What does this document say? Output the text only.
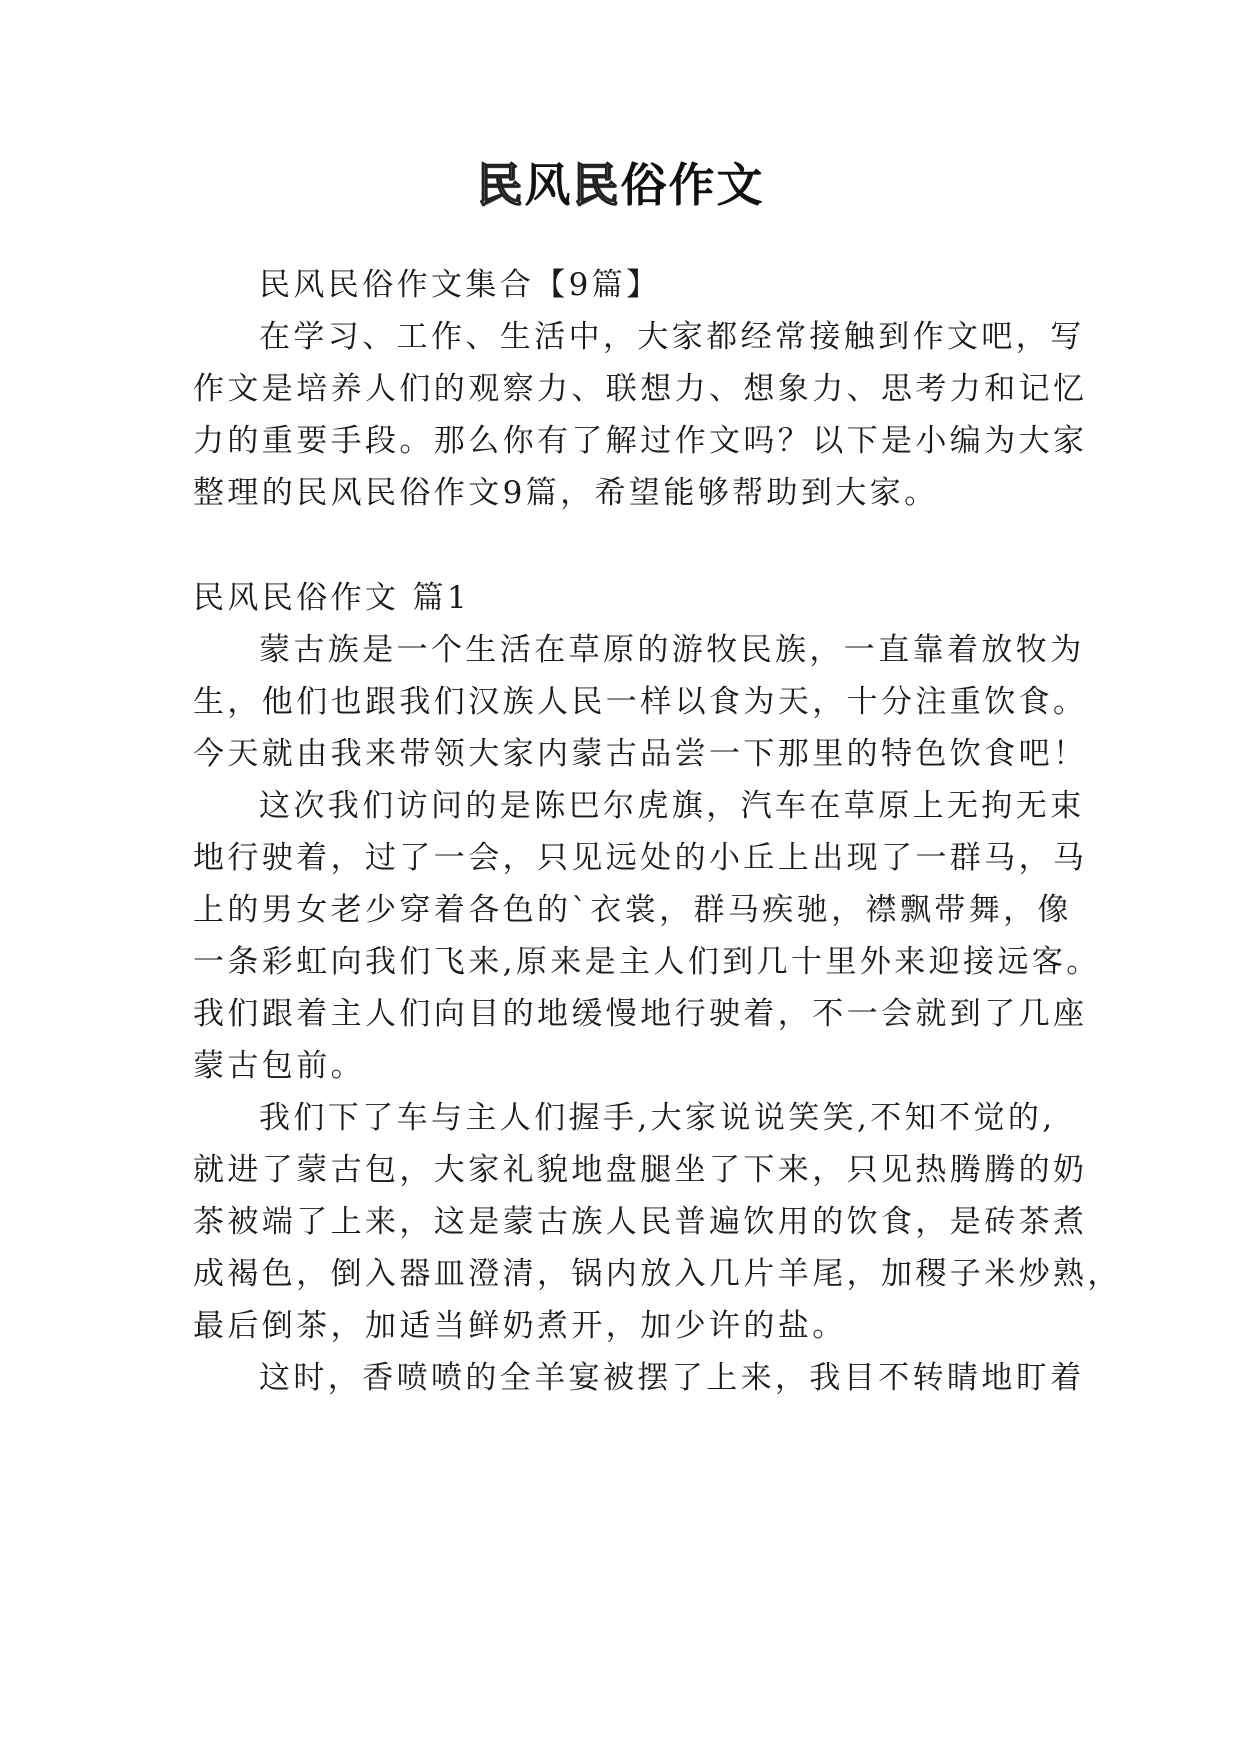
民风民俗作文
民风民俗作文集合【9篇】
在学习、工作、生活中，大家都经常接触到作文吧，写
作文是培养人们的观察力、联想力、想象力、思考力和记忆
力的重要手段。那么你有了解过作文吗？以下是小编为大家
整理的民风民俗作文9篇，希望能够帮助到大家。
民风民俗作文 篇1
蒙古族是一个生活在草原的游牧民族，一直靠着放牧为
生，他们也跟我们汉族人民一样以食为天，十分注重饮食。
今天就由我来带领大家内蒙古品尝一下那里的特色饮食吧！
这次我们访问的是陈巴尔虎旗，汽车在草原上无拘无束
地行驶着，过了一会，只见远处的小丘上出现了一群马，马
上的男女老少穿着各色的`衣裳，群马疾驰，襟飘带舞，像
一条彩虹向我们飞来,原来是主人们到几十里外来迎接远客。
我们跟着主人们向目的地缓慢地行驶着，不一会就到了几座
蒙古包前。
我们下了车与主人们握手,大家说说笑笑,不知不觉的,
就进了蒙古包，大家礼貌地盘腿坐了下来，只见热腾腾的奶
茶被端了上来，这是蒙古族人民普遍饮用的饮食，是砖茶煮
成褐色，倒入器皿澄清，锅内放入几片羊尾，加稷子米炒熟，
最后倒茶，加适当鲜奶煮开，加少许的盐。
这时，香喷喷的全羊宴被摆了上来，我目不转睛地盯着
